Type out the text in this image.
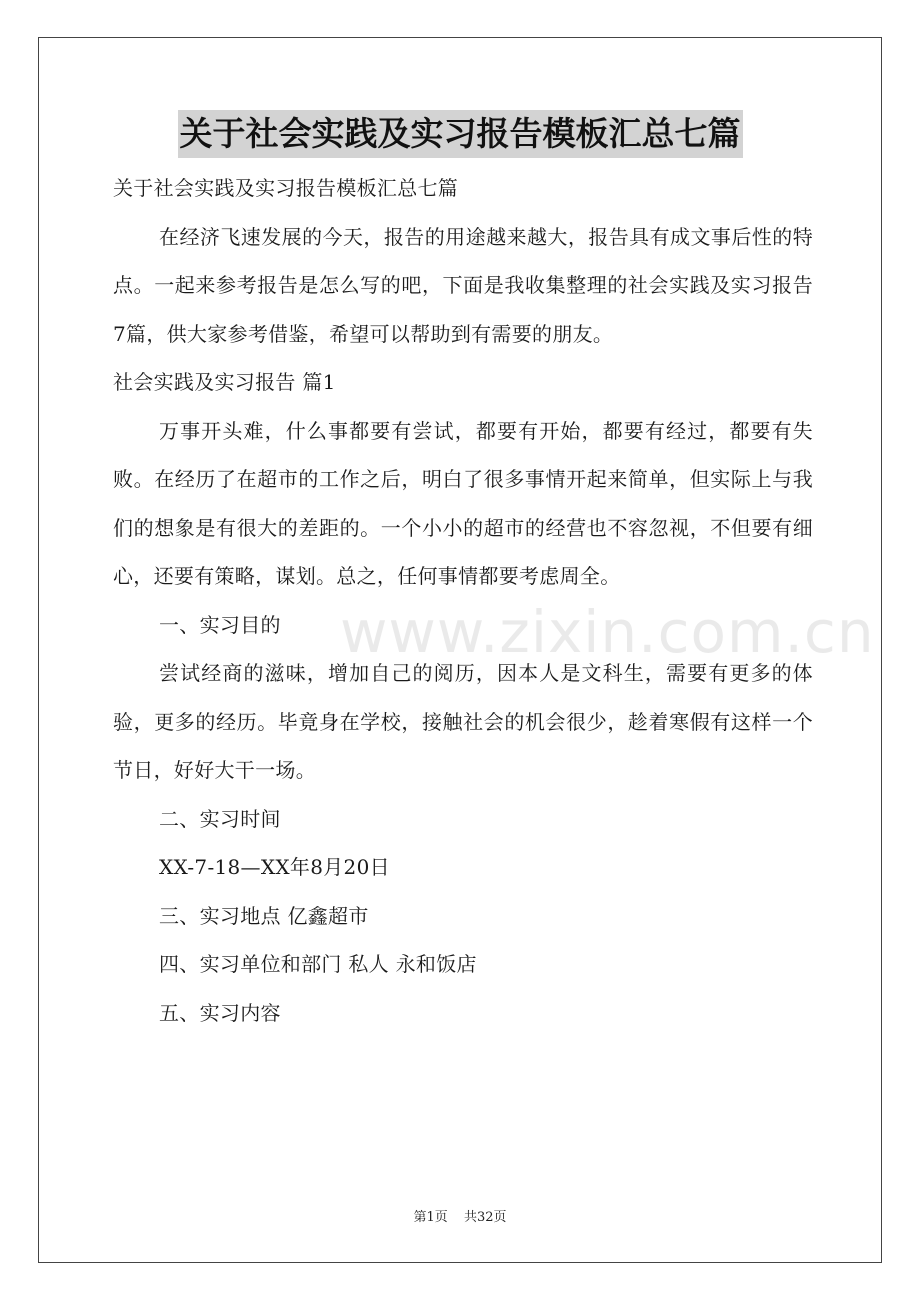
关于社会实践及实习报告模板汇总七篇

关于社会实践及实习报告模板汇总七篇

在经济飞速发展的今天，报告的用途越来越大，报告具有成文事后性的特点。一起来参考报告是怎么写的吧，下面是我收集整理的社会实践及实习报告7篇，供大家参考借鉴，希望可以帮助到有需要的朋友。

社会实践及实习报告 篇1

万事开头难，什么事都要有尝试，都要有开始，都要有经过，都要有失败。在经历了在超市的工作之后，明白了很多事情开起来简单，但实际上与我们的想象是有很大的差距的。一个小小的超市的经营也不容忽视，不但要有细心，还要有策略，谋划。总之，任何事情都要考虑周全。

一、实习目的

尝试经商的滋味，增加自己的阅历，因本人是文科生，需要有更多的体验，更多的经历。毕竟身在学校，接触社会的机会很少，趁着寒假有这样一个节日，好好大干一场。

二、实习时间

XX-7-18—XX年8月20日

三、实习地点 亿鑫超市

四、实习单位和部门 私人 永和饭店

五、实习内容

www.zixin.com.cn
第1页 共32页
